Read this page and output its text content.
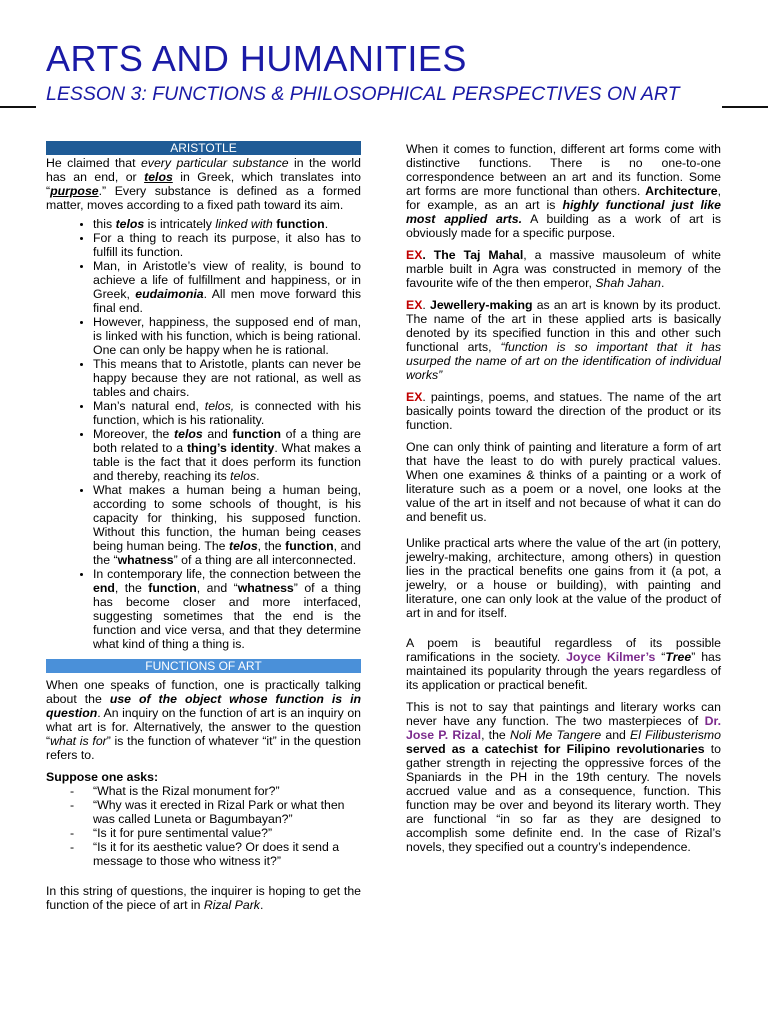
ARTS AND HUMANITIES
LESSON 3: FUNCTIONS & PHILOSOPHICAL PERSPECTIVES ON ART
ARISTOTLE

He claimed that every particular substance in the world has an end, or telos in Greek, which translates into “purpose.” Every substance is defined as a formed matter, moves according to a fixed path toward its aim.

• this telos is intricately linked with function.
• For a thing to reach its purpose, it also has to fulfill its function.
• Man, in Aristotle’s view of reality, is bound to achieve a life of fulfillment and happiness, or in Greek, eudaimonia. All men move forward this final end.
• However, happiness, the supposed end of man, is linked with his function, which is being rational. One can only be happy when he is rational.
• This means that to Aristotle, plants can never be happy because they are not rational, as well as tables and chairs.
• Man’s natural end, telos, is connected with his function, which is his rationality.
• Moreover, the telos and function of a thing are both related to a thing’s identity. What makes a table is the fact that it does perform its function and thereby, reaching its telos.
• What makes a human being a human being, according to some schools of thought, is his capacity for thinking, his supposed function. Without this function, the human being ceases being human being. The telos, the function, and the “whatness” of a thing are all interconnected.
• In contemporary life, the connection between the end, the function, and “whatness” of a thing has become closer and more interfaced, suggesting sometimes that the end is the function and vice versa, and that they determine what kind of thing a thing is.
FUNCTIONS OF ART

When one speaks of function, one is practically talking about the use of the object whose function is in question. An inquiry on the function of art is an inquiry on what art is for. Alternatively, the answer to the question “what is for” is the function of whatever “it” in the question refers to.

Suppose one asks:

- “What is the Rizal monument for?”
- “Why was it erected in Rizal Park or what then was called Luneta or Bagumbayan?”
- “Is it for pure sentimental value?”
- “Is it for its aesthetic value? Or does it send a message to those who witness it?”

In this string of questions, the inquirer is hoping to get the function of the piece of art in Rizal Park.

When it comes to function, different art forms come with distinctive functions. There is no one-to-one correspondence between an art and its function. Some art forms are more functional than others. Architecture, for example, as an art is highly functional just like most applied arts. A building as a work of art is obviously made for a specific purpose.

EX. The Taj Mahal, a massive mausoleum of white marble built in Agra was constructed in memory of the favourite wife of the then emperor, Shah Jahan.

EX. Jewellery-making as an art is known by its product. The name of the art in these applied arts is basically denoted by its specified function in this and other such functional arts, “function is so important that it has usurped the name of art on the identification of individual works”

EX. paintings, poems, and statues. The name of the art basically points toward the direction of the product or its function.

One can only think of painting and literature a form of art that have the least to do with purely practical values. When one examines & thinks of a painting or a work of literature such as a poem or a novel, one looks at the value of the art in itself and not because of what it can do and benefit us.

Unlike practical arts where the value of the art (in pottery, jewelry-making, architecture, among others) in question lies in the practical benefits one gains from it (a pot, a jewelry, or a house or building), with painting and literature, one can only look at the value of the product of art in and for itself.

A poem is beautiful regardless of its possible ramifications in the society. Joyce Kilmer’s “Tree” has maintained its popularity through the years regardless of its application or practical benefit.

This is not to say that paintings and literary works can never have any function. The two masterpieces of Dr. Jose P. Rizal, the Noli Me Tangere and El Filibusterismo served as a catechist for Filipino revolutionaries to gather strength in rejecting the oppressive forces of the Spaniards in the PH in the 19th century. The novels accrued value and as a consequence, function. This function may be over and beyond its literary worth. They are functional “in so far as they are designed to accomplish some definite end. In the case of Rizal’s novels, they specified out a country’s independence.
